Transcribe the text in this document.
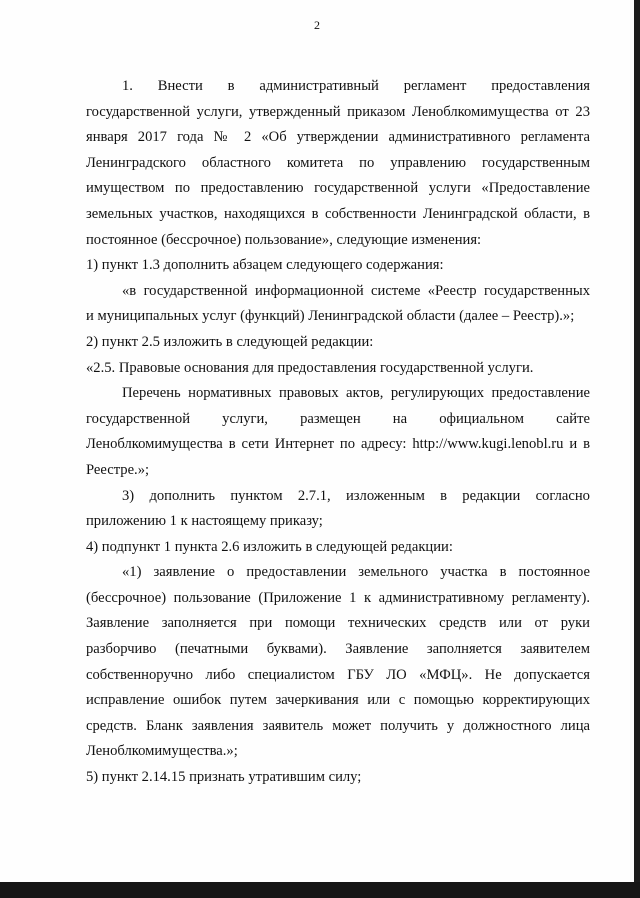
2
1. Внести в административный регламент предоставления

государственной услуги, утвержденный приказом Леноблкомимущества от 23

января 2017 года № 2 «Об утверждении административного регламента

Ленинградского областного комитета по управлению государственным

имуществом по предоставлению государственной услуги «Предоставление

земельных участков, находящихся в собственности Ленинградской области, в

постоянное (бессрочное) пользование», следующие изменения:

1) пункт 1.3 дополнить абзацем следующего содержания:

«в государственной информационной системе «Реестр государственных

и муниципальных услуг (функций) Ленинградской области (далее – Реестр).»;

2) пункт 2.5 изложить в следующей редакции:

«2.5. Правовые основания для предоставления государственной услуги.

Перечень нормативных правовых актов, регулирующих предоставление

государственной услуги, размещен на официальном сайте

Леноблкомимущества в сети Интернет по адресу: http://www.kugi.lenobl.ru и в

Реестре.»;

3) дополнить пунктом 2.7.1, изложенным в редакции согласно

приложению 1 к настоящему приказу;

4) подпункт 1 пункта 2.6 изложить в следующей редакции:

«1) заявление о предоставлении земельного участка в постоянное

(бессрочное) пользование (Приложение 1 к административному регламенту).

Заявление заполняется при помощи технических средств или от руки

разборчиво (печатными буквами). Заявление заполняется заявителем

собственноручно либо специалистом ГБУ ЛО «МФЦ». Не допускается

исправление ошибок путем зачеркивания или с помощью корректирующих

средств. Бланк заявления заявитель может получить у должностного лица

Леноблкомимущества.»;

5) пункт 2.14.15 признать утратившим силу;
